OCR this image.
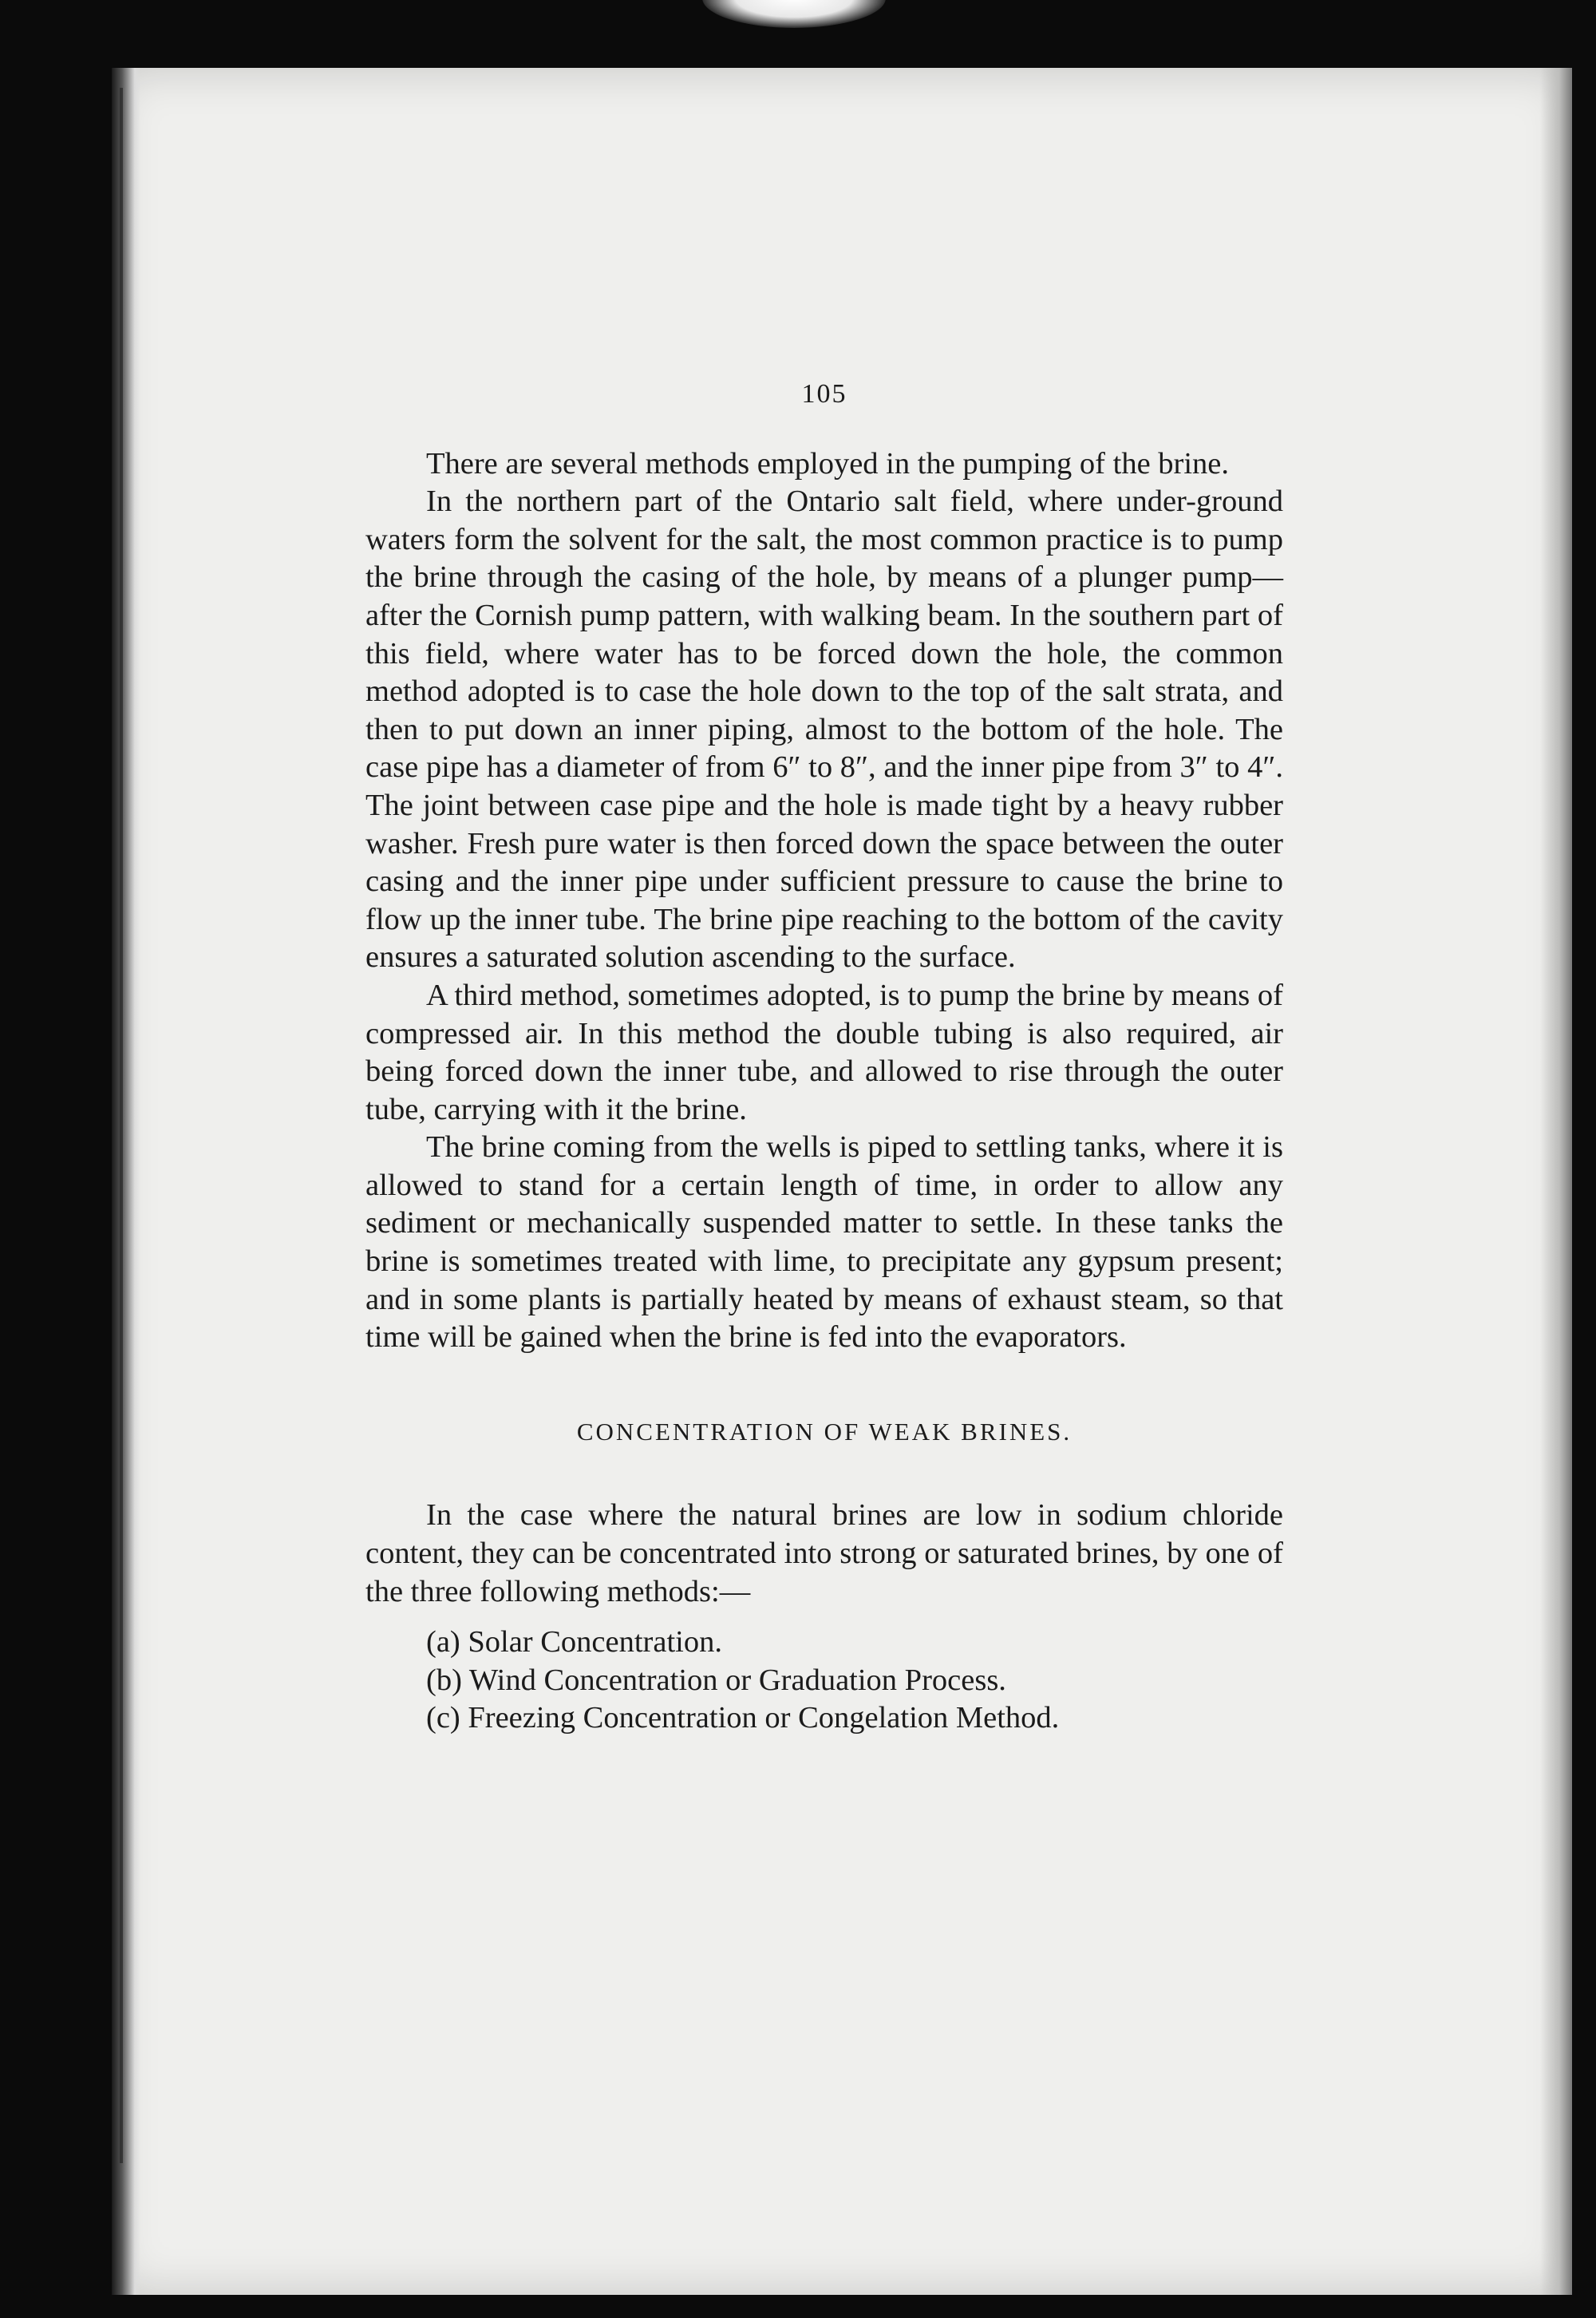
105

There are several methods employed in the pumping of the brine.

In the northern part of the Ontario salt field, where under-ground waters form the solvent for the salt, the most common practice is to pump the brine through the casing of the hole, by means of a plunger pump—after the Cornish pump pattern, with walking beam. In the southern part of this field, where water has to be forced down the hole, the common method adopted is to case the hole down to the top of the salt strata, and then to put down an inner piping, almost to the bottom of the hole. The case pipe has a diameter of from 6″ to 8″, and the inner pipe from 3″ to 4″. The joint between case pipe and the hole is made tight by a heavy rubber washer. Fresh pure water is then forced down the space between the outer casing and the inner pipe under sufficient pressure to cause the brine to flow up the inner tube. The brine pipe reaching to the bottom of the cavity ensures a saturated solution ascending to the surface.

A third method, sometimes adopted, is to pump the brine by means of compressed air. In this method the double tubing is also required, air being forced down the inner tube, and allowed to rise through the outer tube, carrying with it the brine.

The brine coming from the wells is piped to settling tanks, where it is allowed to stand for a certain length of time, in order to allow any sediment or mechanically suspended matter to settle. In these tanks the brine is sometimes treated with lime, to precipitate any gypsum present; and in some plants is partially heated by means of exhaust steam, so that time will be gained when the brine is fed into the evaporators.

CONCENTRATION OF WEAK BRINES.

In the case where the natural brines are low in sodium chloride content, they can be concentrated into strong or saturated brines, by one of the three following methods:—

(a) Solar Concentration.
(b) Wind Concentration or Graduation Process.
(c) Freezing Concentration or Congelation Method.
